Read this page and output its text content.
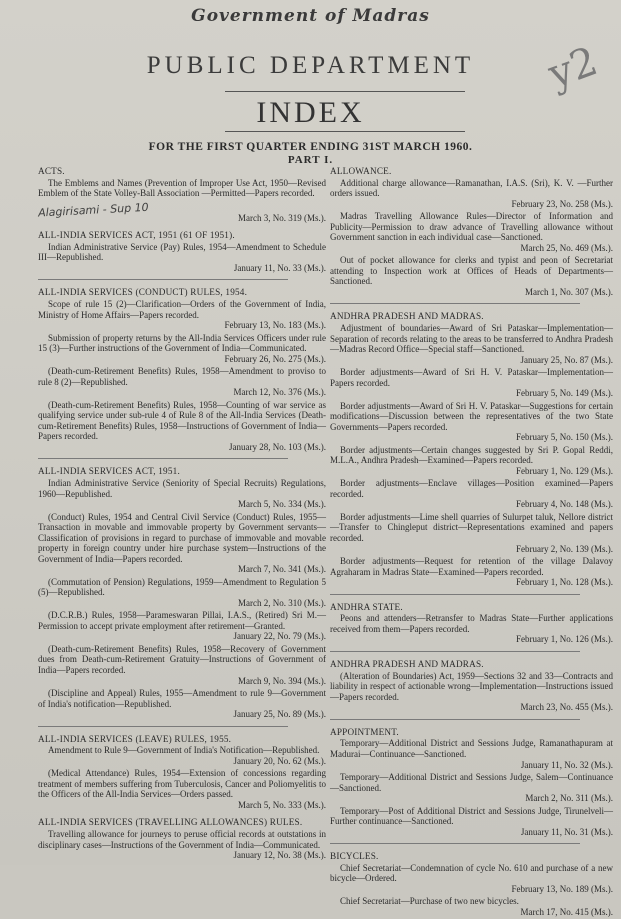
Government of Madras
PUBLIC DEPARTMENT
INDEX
FOR THE FIRST QUARTER ENDING 31ST MARCH 1960.
PART I.
y2
ACTS.

The Emblems and Names (Prevention of Improper Use Act, 1950—Revised Emblem of the State Volley-Ball Association —Permitted—Papers recorded.

Alagirisami - Sup 10	March 3, No. 319 (Ms.).

ALL-INDIA SERVICES ACT, 1951 (61 OF 1951).

Indian Administrative Service (Pay) Rules, 1954—Amendment to Schedule III—Republished.

January 11, No. 33 (Ms.).

ALL-INDIA SERVICES (CONDUCT) RULES, 1954.

Scope of rule 15 (2)—Clarification—Orders of the Government of India, Ministry of Home Affairs—Papers recorded.

February 13, No. 183 (Ms.).

Submission of property returns by the All-India Services Officers under rule 15 (3)—Further instructions of the Government of India—Communicated.

February 26, No. 275 (Ms.).

(Death-cum-Retirement Benefits) Rules, 1958—Amendment to proviso to rule 8 (2)—Republished.

March 12, No. 376 (Ms.).

(Death-cum-Retirement Benefits) Rules, 1958—Counting of war service as qualifying service under sub-rule 4 of Rule 8 of the All-India Services (Death-cum-Retirement Benefits) Rules, 1958—Instructions of Government of India—Papers recorded.

January 28, No. 103 (Ms.).

ALL-INDIA SERVICES ACT, 1951.

Indian Administrative Service (Seniority of Special Recruits) Regulations, 1960—Republished.

March 5, No. 334 (Ms.).

(Conduct) Rules, 1954 and Central Civil Service (Conduct) Rules, 1955—Transaction in movable and immovable property by Government servants—Classification of provisions in regard to purchase of immovable and movable property in foreign country under hire purchase system—Instructions of the Government of India—Papers recorded.

March 7, No. 341 (Ms.).

(Commutation of Pension) Regulations, 1959—Amendment to Regulation 5 (5)—Republished.

March 2, No. 310 (Ms.).

(D.C.R.B.) Rules, 1958—Parameswaran Pillai, I.A.S., (Retired) Sri M.—Permission to accept private employment after retirement—Granted.

January 22, No. 79 (Ms.).

(Death-cum-Retirement Benefits) Rules, 1958—Recovery of Government dues from Death-cum-Retirement Gratuity—Instructions of Government of India—Papers recorded.

March 9, No. 394 (Ms.).

(Discipline and Appeal) Rules, 1955—Amendment to rule 9—Government of India's notification—Republished.

January 25, No. 89 (Ms.).

ALL-INDIA SERVICES (LEAVE) RULES, 1955.

Amendment to Rule 9—Government of India's Notification—Republished.

January 20, No. 62 (Ms.).

(Medical Attendance) Rules, 1954—Extension of concessions regarding treatment of members suffering from Tuberculosis, Cancer and Poliomyelitis to the Officers of the All-India Services—Orders passed.

March 5, No. 333 (Ms.).

ALL-INDIA SERVICES (TRAVELLING ALLOWANCES) RULES.

Travelling allowance for journeys to peruse official records at outstations in disciplinary cases—Instructions of the Government of India—Communicated.

January 12, No. 38 (Ms.).

ALLOWANCE.

Additional charge allowance—Ramanathan, I.A.S. (Sri), K. V. —Further orders issued.

February 23, No. 258 (Ms.).

Madras Travelling Allowance Rules—Director of Information and Publicity—Permission to draw advance of Travelling allowance without Government sanction in each individual case—Sanctioned.

March 25, No. 469 (Ms.).

Out of pocket allowance for clerks and typist and peon of Secretariat attending to Inspection work at Offices of Heads of Departments—Sanctioned.

March 1, No. 307 (Ms.).

ANDHRA PRADESH AND MADRAS.

Adjustment of boundaries—Award of Sri Pataskar—Implementation—Separation of records relating to the areas to be transferred to Andhra Pradesh—Madras Record Office—Special staff—Sanctioned.

January 25, No. 87 (Ms.).

Border adjustments—Award of Sri H. V. Pataskar—Implementation—Papers recorded.

February 5, No. 149 (Ms.).

Border adjustments—Award of Sri H. V. Pataskar—Suggestions for certain modifications—Discussion between the representatives of the two State Governments—Papers recorded.

February 5, No. 150 (Ms.).

Border adjustments—Certain changes suggested by Sri P. Gopal Reddi, M.L.A., Andhra Pradesh—Examined—Papers recorded.

February 1, No. 129 (Ms.).

Border adjustments—Enclave villages—Position examined—Papers recorded.

February 4, No. 148 (Ms.).

Border adjustments—Lime shell quarries of Sulurpet taluk, Nellore district—Transfer to Chingleput district—Representations examined and papers recorded.

February 2, No. 139 (Ms.).

Border adjustments—Request for retention of the village Dalavoy Agraharam in Madras State—Examined—Papers recorded.

February 1, No. 128 (Ms.).

ANDHRA STATE.

Peons and attenders—Retransfer to Madras State—Further applications received from them—Papers recorded.

February 1, No. 126 (Ms.).

ANDHRA PRADESH AND MADRAS.

(Alteration of Boundaries) Act, 1959—Sections 32 and 33—Contracts and liability in respect of actionable wrong—Implementation—Instructions issued—Papers recorded.

March 23, No. 455 (Ms.).

APPOINTMENT.

Temporary—Additional District and Sessions Judge, Ramanathapuram at Madurai—Continuance—Sanctioned.

January 11, No. 32 (Ms.).

Temporary—Additional District and Sessions Judge, Salem—Continuance—Sanctioned.

March 2, No. 311 (Ms.).

Temporary—Post of Additional District and Sessions Judge, Tirunelveli—Further continuance—Sanctioned.

January 11, No. 31 (Ms.).

BICYCLES.

Chief Secretariat—Condemnation of cycle No. 610 and purchase of a new bicycle—Ordered.

February 13, No. 189 (Ms.).

Chief Secretariat—Purchase of two new bicycles.

March 17, No. 415 (Ms.).
